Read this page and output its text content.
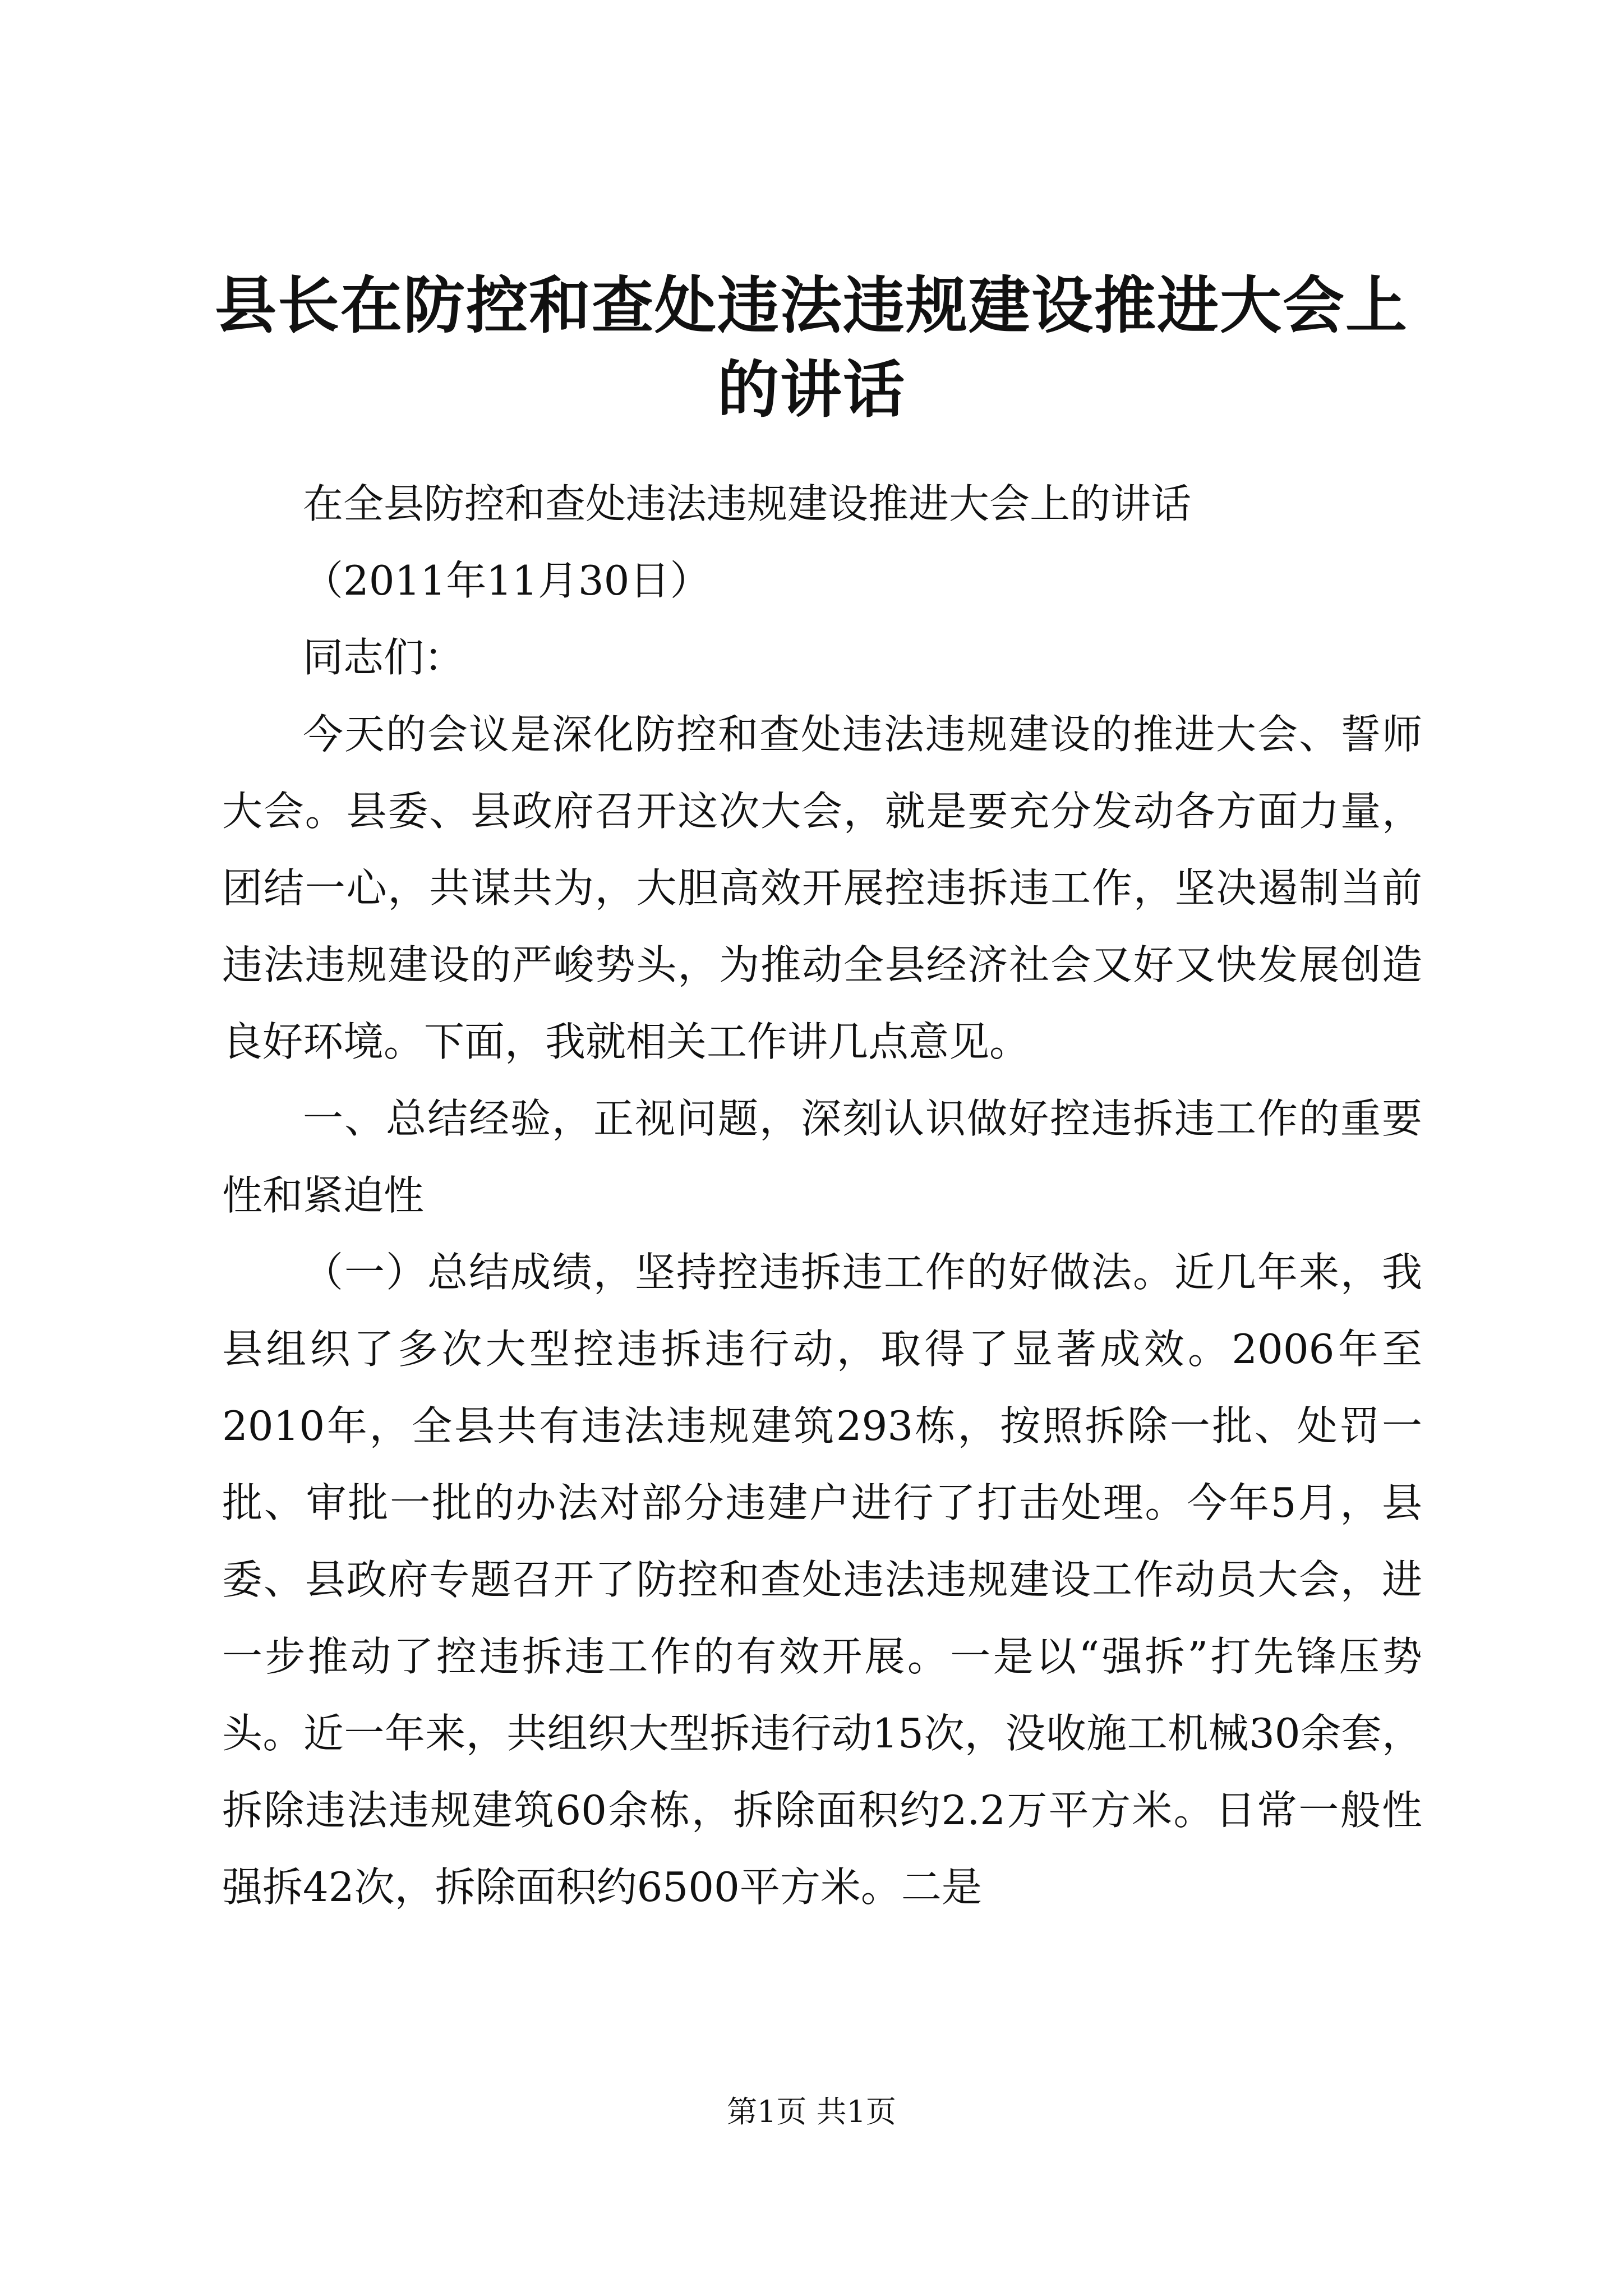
县长在防控和查处违法违规建设推进大会上的讲话

在全县防控和查处违法违规建设推进大会上的讲话

（2011年11月30日）

同志们：

今天的会议是深化防控和查处违法违规建设的推进大会、誓师大会。县委、县政府召开这次大会，就是要充分发动各方面力量，团结一心，共谋共为，大胆高效开展控违拆违工作，坚决遏制当前违法违规建设的严峻势头，为推动全县经济社会又好又快发展创造良好环境。下面，我就相关工作讲几点意见。

一、总结经验，正视问题，深刻认识做好控违拆违工作的重要性和紧迫性

（一）总结成绩，坚持控违拆违工作的好做法。近几年来，我县组织了多次大型控违拆违行动，取得了显著成效。2006年至2010年，全县共有违法违规建筑293栋，按照拆除一批、处罚一批、审批一批的办法对部分违建户进行了打击处理。今年5月，县委、县政府专题召开了防控和查处违法违规建设工作动员大会，进一步推动了控违拆违工作的有效开展。一是以“强拆”打先锋压势头。近一年来，共组织大型拆违行动15次，没收施工机械30余套，拆除违法违规建筑60余栋，拆除面积约2.2万平方米。日常一般性强拆42次，拆除面积约6500平方米。二是

第1页 共1页
